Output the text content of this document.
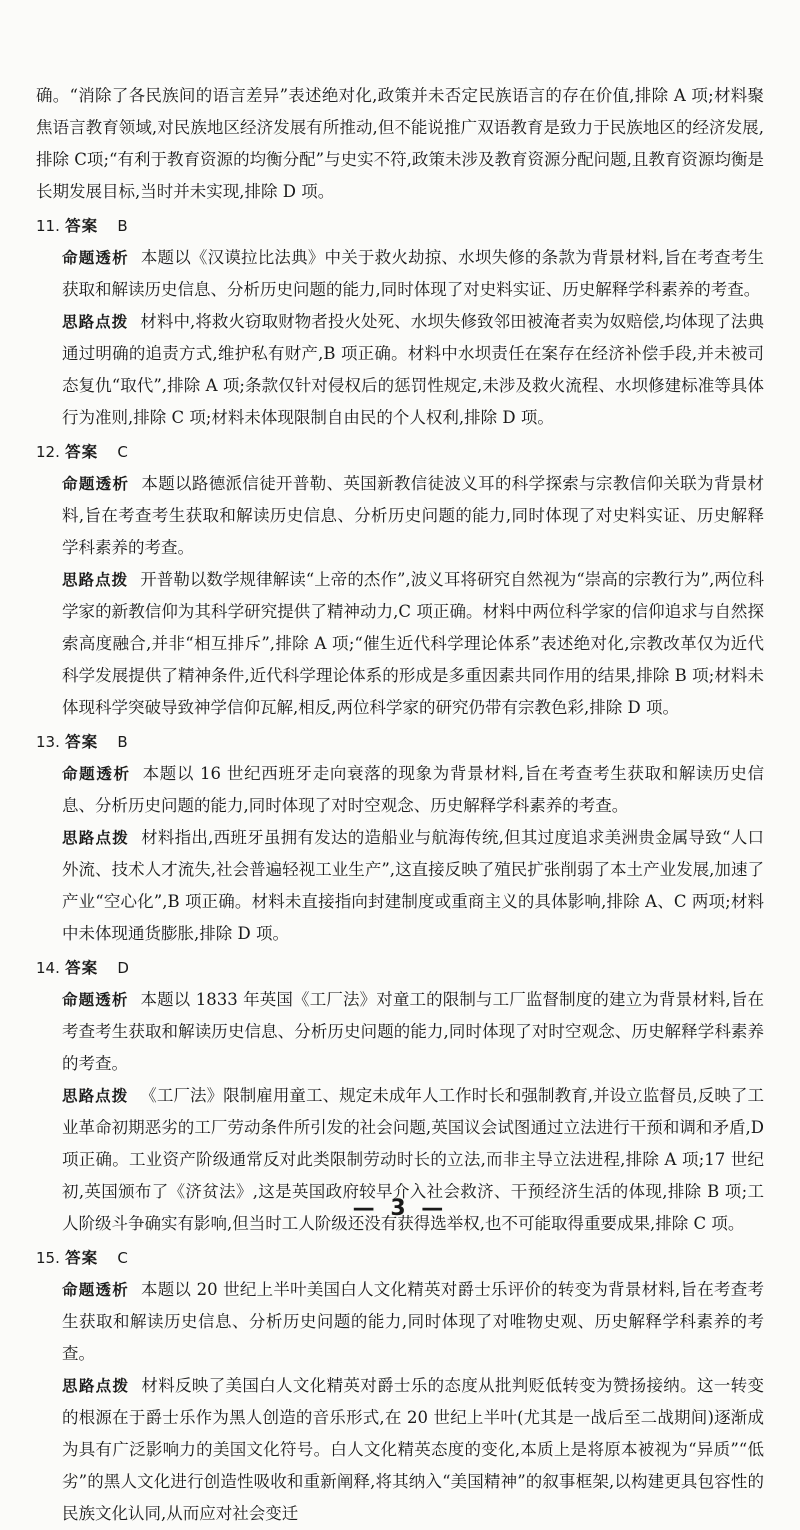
确。“消除了各民族间的语言差异”表述绝对化,政策并未否定民族语言的存在价值,排除 A 项;材料聚焦语言教育领域,对民族地区经济发展有所推动,但不能说推广双语教育是致力于民族地区的经济发展,排除 C项;“有利于教育资源的均衡分配”与史实不符,政策未涉及教育资源分配问题,且教育资源均衡是长期发展目标,当时并未实现,排除 D 项。

11. 答案 B

命题透析 本题以《汉谟拉比法典》中关于救火劫掠、水坝失修的条款为背景材料,旨在考查考生获取和解读历史信息、分析历史问题的能力,同时体现了对史料实证、历史解释学科素养的考查。

思路点拨 材料中,将救火窃取财物者投火处死、水坝失修致邻田被淹者卖为奴赔偿,均体现了法典通过明确的追责方式,维护私有财产,B 项正确。材料中水坝责任在案存在经济补偿手段,并未被司态复仇“取代”,排除 A 项;条款仅针对侵权后的惩罚性规定,未涉及救火流程、水坝修建标准等具体行为准则,排除 C 项;材料未体现限制自由民的个人权利,排除 D 项。

12. 答案 C

命题透析 本题以路德派信徒开普勒、英国新教信徒波义耳的科学探索与宗教信仰关联为背景材料,旨在考查考生获取和解读历史信息、分析历史问题的能力,同时体现了对史料实证、历史解释学科素养的考查。

思路点拨 开普勒以数学规律解读“上帝的杰作”,波义耳将研究自然视为“崇高的宗教行为”,两位科学家的新教信仰为其科学研究提供了精神动力,C 项正确。材料中两位科学家的信仰追求与自然探索高度融合,并非“相互排斥”,排除 A 项;“催生近代科学理论体系”表述绝对化,宗教改革仅为近代科学发展提供了精神条件,近代科学理论体系的形成是多重因素共同作用的结果,排除 B 项;材料未体现科学突破导致神学信仰瓦解,相反,两位科学家的研究仍带有宗教色彩,排除 D 项。

13. 答案 B

命题透析 本题以 16 世纪西班牙走向衰落的现象为背景材料,旨在考查考生获取和解读历史信息、分析历史问题的能力,同时体现了对时空观念、历史解释学科素养的考查。

思路点拨 材料指出,西班牙虽拥有发达的造船业与航海传统,但其过度追求美洲贵金属导致“人口外流、技术人才流失,社会普遍轻视工业生产”,这直接反映了殖民扩张削弱了本土产业发展,加速了产业“空心化”,B 项正确。材料未直接指向封建制度或重商主义的具体影响,排除 A、C 两项;材料中未体现通货膨胀,排除 D 项。

14. 答案 D

命题透析 本题以 1833 年英国《工厂法》对童工的限制与工厂监督制度的建立为背景材料,旨在考查考生获取和解读历史信息、分析历史问题的能力,同时体现了对时空观念、历史解释学科素养的考查。

思路点拨 《工厂法》限制雇用童工、规定未成年人工作时长和强制教育,并设立监督员,反映了工业革命初期恶劣的工厂劳动条件所引发的社会问题,英国议会试图通过立法进行干预和调和矛盾,D 项正确。工业资产阶级通常反对此类限制劳动时长的立法,而非主导立法进程,排除 A 项;17 世纪初,英国颁布了《济贫法》,这是英国政府较早介入社会救济、干预经济生活的体现,排除 B 项;工人阶级斗争确实有影响,但当时工人阶级还没有获得选举权,也不可能取得重要成果,排除 C 项。

15. 答案 C

命题透析 本题以 20 世纪上半叶美国白人文化精英对爵士乐评价的转变为背景材料,旨在考查考生获取和解读历史信息、分析历史问题的能力,同时体现了对唯物史观、历史解释学科素养的考查。

思路点拨 材料反映了美国白人文化精英对爵士乐的态度从批判贬低转变为赞扬接纳。这一转变的根源在于爵士乐作为黑人创造的音乐形式,在 20 世纪上半叶(尤其是一战后至二战期间)逐渐成为具有广泛影响力的美国文化符号。白人文化精英态度的变化,本质上是将原本被视为“异质”“低劣”的黑人文化进行创造性吸收和重新阐释,将其纳入“美国精神”的叙事框架,以构建更具包容性的民族文化认同,从而应对社会变迁

— 3 —
